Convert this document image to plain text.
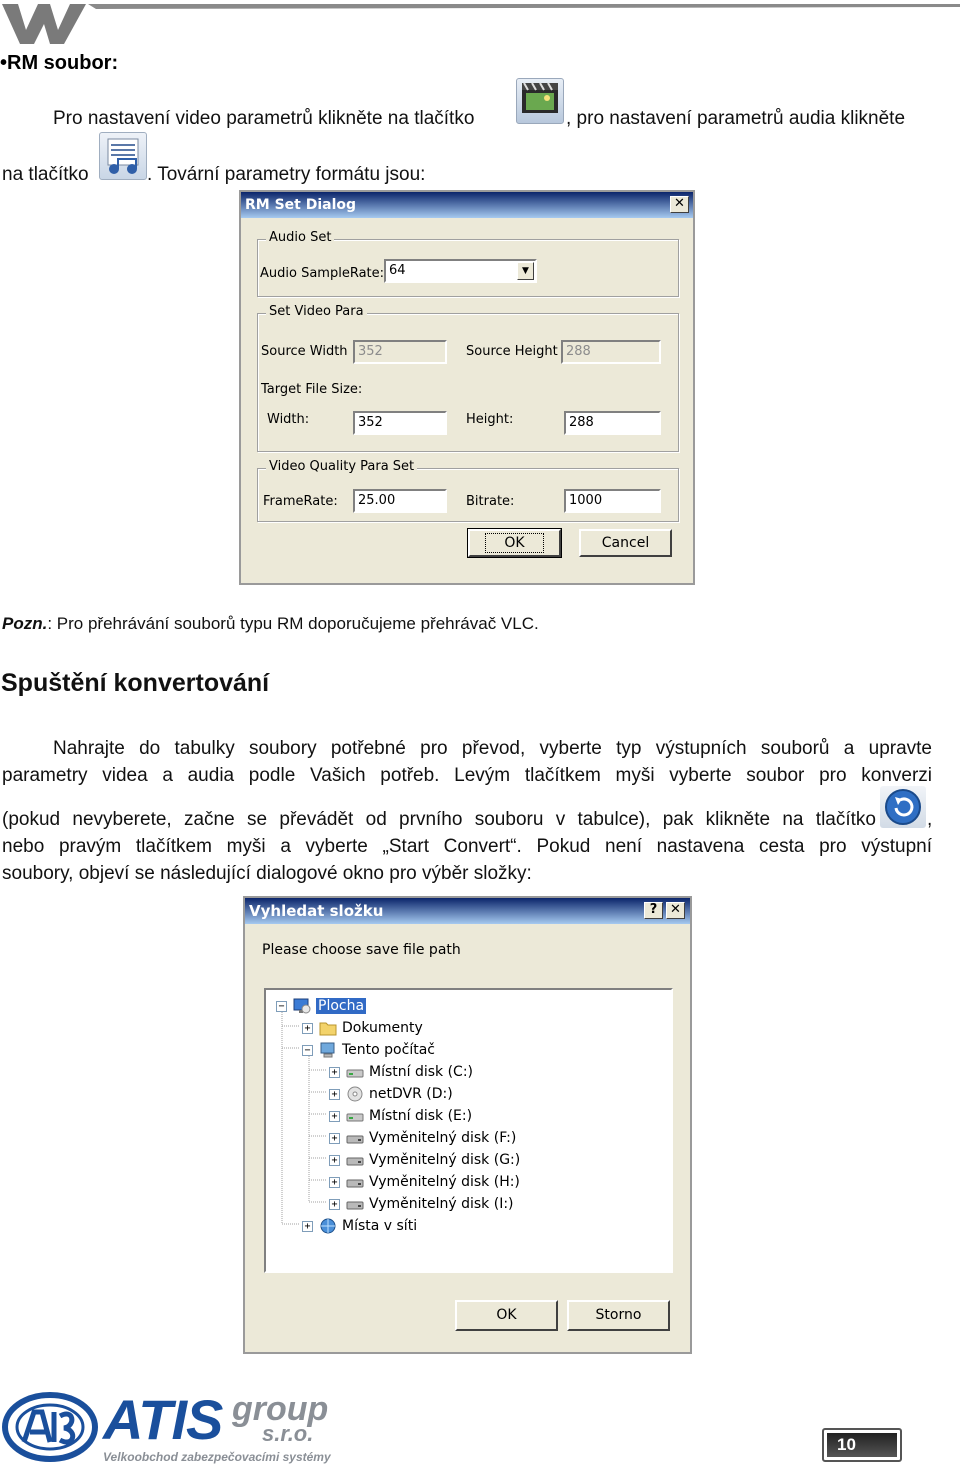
•RM soubor:
Pro nastavení video parametrů klikněte na tlačítko	, pro nastavení parametrů audia klikněte
na tlačítko	. Tovární parametry formátu jsou:
RM Set Dialog	✕
Audio Set
Audio SampleRate: 64	▼
Set Video Para
Source Width 352	Source Height 288
Target File Size:
Width:	352	Height:	288
Video Quality Para Set
FrameRate:	25.00	Bitrate:	1000
OK	Cancel
Pozn.: Pro přehrávání souborů typu RM doporučujeme přehrávač VLC.
Spuštění konvertování
Nahrajte do tabulky soubory potřebné pro převod, vyberte typ výstupních souborů a upravte
parametry videa a audia podle Vašich potřeb. Levým tlačítkem myši vyberte soubor pro konverzi
(pokud nevyberete, začne se převádět od prvního souboru v tabulce), pak klikněte na tlačítko	,
nebo pravým tlačítkem myši a vyberte „Start Convert“. Pokud není nastavena cesta pro výstupní
soubory, objeví se následující dialogové okno pro výběr složky:
Vyhledat složku	? ✕
Please choose save file path
− Plocha
+ Dokumenty
− Tento počítač
+ Místní disk (C:)
+ netDVR (D:)
+ Místní disk (E:)
+ Vyměnitelný disk (F:)
+ Vyměnitelný disk (G:)
+ Vyměnitelný disk (H:)
+ Vyměnitelný disk (I:)
+ Místa v síti
OK	Storno
ATIS group
s.r.o.
Velkoobchod zabezpečovacími systémy
10
